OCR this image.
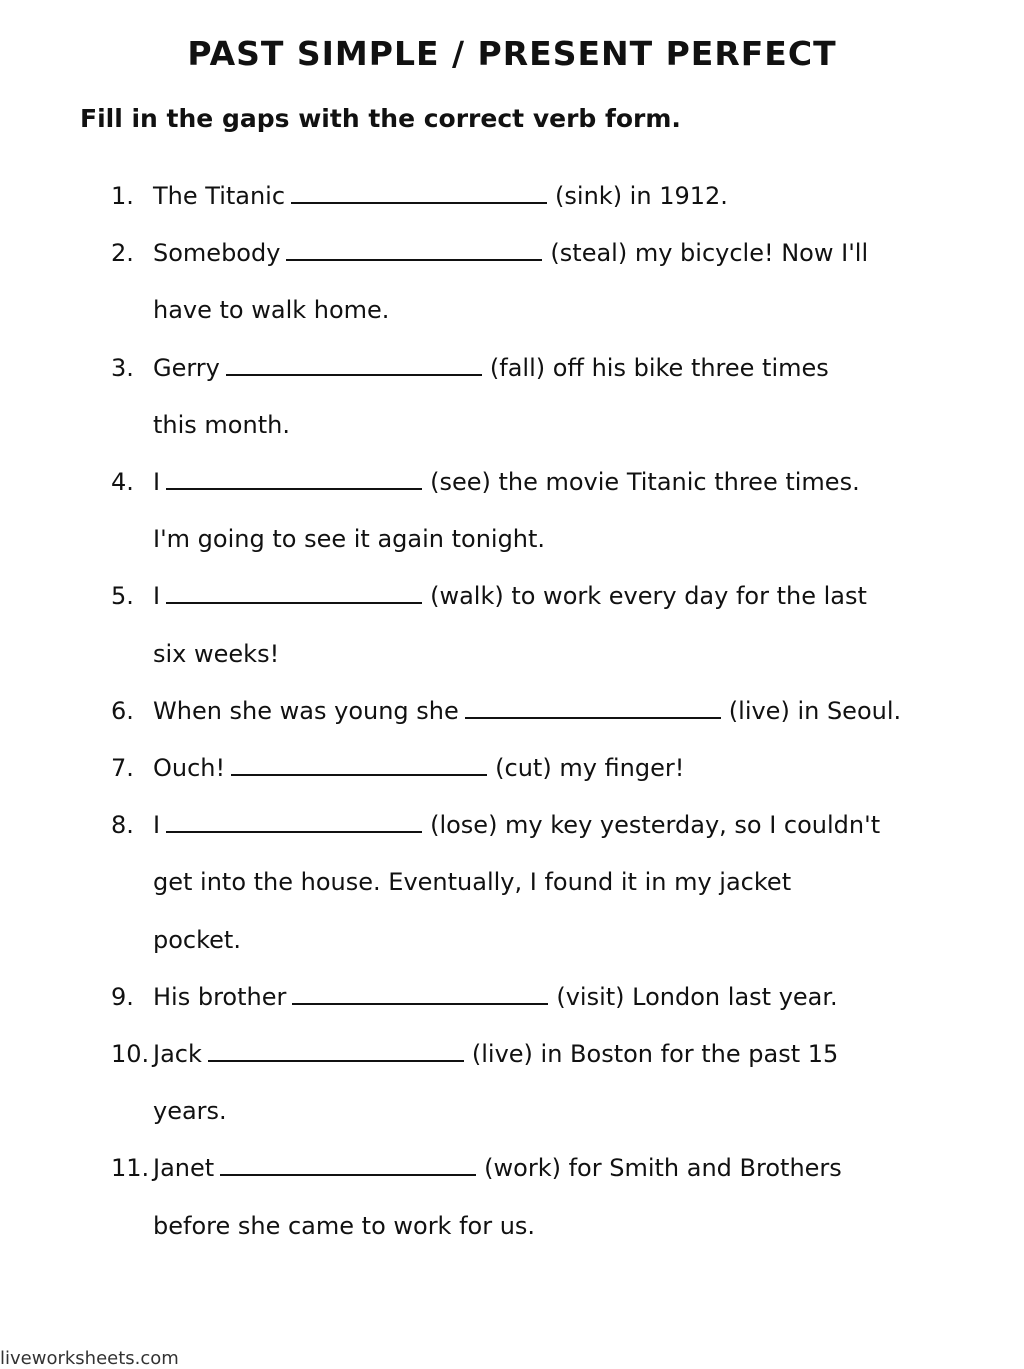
PAST SIMPLE / PRESENT PERFECT
Fill in the gaps with the correct verb form.
1. The Titanic	(sink) in 1912.
2. Somebody	(steal) my bicycle! Now I'll
have to walk home.
3. Gerry	(fall) off his bike three times
this month.
4. I	(see) the movie Titanic three times.
I'm going to see it again tonight.
5. I	(walk) to work every day for the last
six weeks!
6. When she was young she	(live) in Seoul.
7. Ouch!	(cut) my finger!
8. I	(lose) my key yesterday, so I couldn't
get into the house. Eventually, I found it in my jacket
pocket.
9. His brother	(visit) London last year.
10. Jack	(live) in Boston for the past 15
years.
11. Janet	(work) for Smith and Brothers
before she came to work for us.
liveworksheets.com
